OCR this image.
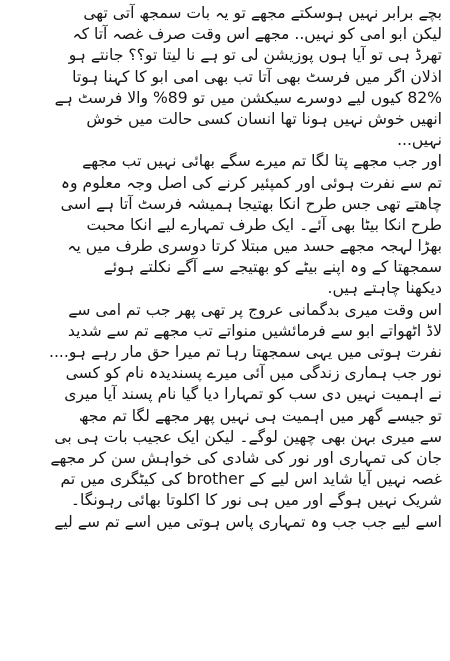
بچے برابر نہیں ہوسکتے مجھے تو یہ بات سمجھ آتی تھی
لیکن ابو امی کو نہیں.. مجھے اس وقت صرف غصہ آتا کہ
تھرڈ ہی تو آیا ہوں پوزیشن لی تو ہے نا لیتا تو؟؟ جانتے ہو
اذلان اگر میں فرسٹ بھی آتا تب بھی امی ابو کا کہنا ہوتا
82% کیوں لیے دوسرے سیکشن میں تو 89% والا فرسٹ ہے
انھیں خوش نہیں ہونا تھا انسان کسی حالت میں خوش
نہیں...
اور جب مجھے پتا لگا تم میرے سگے بھائی نہیں تب مجھے
تم سے نفرت ہوئی اور کمپئیر کرنے کی اصل وجہ معلوم وہ
چاھتے تھی جس طرح انکا بھتیجا ہمیشہ فرسٹ آتا ہے اسی
طرح انکا بیٹا بھی آئے۔ ایک طرف تمہارے لیے انکا محبت
بھڑا لہجہ مجھے حسد میں مبتلا کرتا دوسری طرف میں یہ
سمجھتا کے وہ اپنے بیٹے کو بھتیجے سے آگے نکلتے ہوئے
دیکھنا چاہتے ہیں.
اس وقت میری بدگمانی عروج پر تھی پھر جب تم امی سے
لاڈ اٹھواتے ابو سے فرمائشیں منواتے تب مجھے تم سے شدید
نفرت ہوتی میں یہی سمجھتا رہا تم میرا حق مار رہے ہو....
نور جب ہماری زندگی میں آئی میرے پسندیدہ نام کو کسی
نے اہمیت نہیں دی سب کو تمہارا دیا گیا نام پسند آیا میری
تو جیسے گھر میں اہمیت ہی نہیں پھر مجھے لگا تم مجھ
سے میری بہن بھی چھین لوگے۔ لیکن ایک عجیب بات ہی بی
جان کی تمہاری اور نور کی شادی کی خواہش سن کر مجھے
غصہ نہیں آیا شاید اس لیے کے brother کی کیٹگری میں تم
شریک نہیں ہوگے اور میں ہی نور کا اکلوتا بھائی رہونگا۔
اسے لیے جب جب وہ تمہاری پاس ہوتی میں اسے تم سے لیے
